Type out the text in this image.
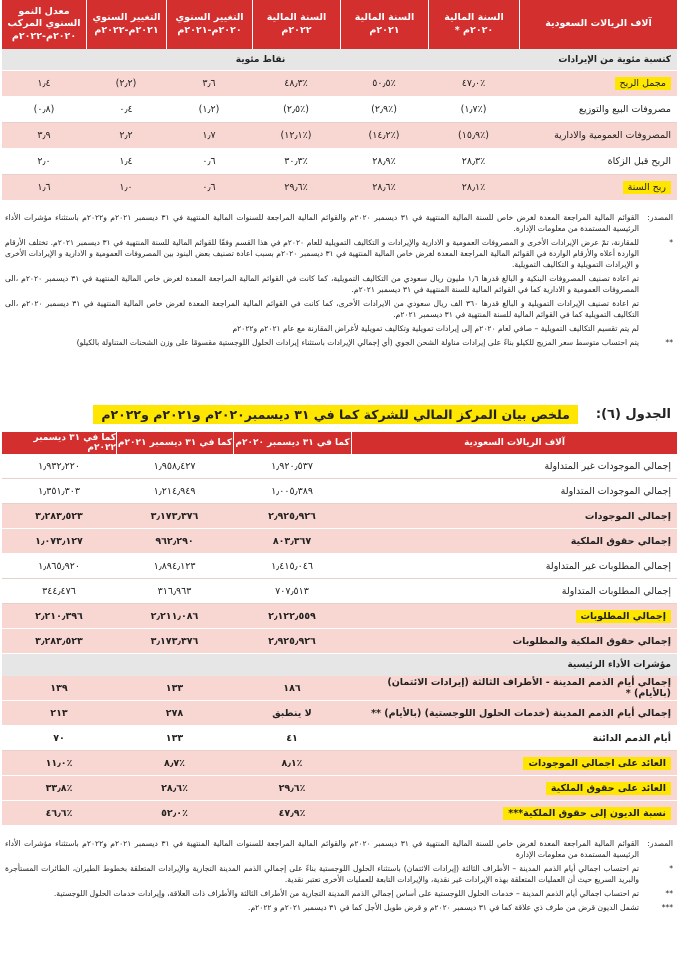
آلاف الريالات السعودية
السنة المالية ٢٠٢٠م *
السنة المالية ٢٠٢١م
السنة المالية ٢٠٢٢م
التغيير السنوي ٢٠٢٠م-٢٠٢١م
التغيير السنوي ٢٠٢١م-٢٠٢٢م
معدل النمو السنوي المركب ٢٠٢٠م-٢٠٢٢م
كنسبة مئوية من الإيرادات
نقاط مئوية
مجمل الربح
٪٤٧٫٠
٪٥٠٫٥
٪٤٨٫٣
٣٫٦
(٢٫٢)
١٫٤
مصروفات البيع والتوزيع
(٪١٫٧)
(٪٢٫٩)
(٪٢٫٥)
(١٫٢)
٠٫٤
(٠٫٨)
المصروفات العمومية والادارية
(٪١٥٫٩)
(٪١٤٫٢)
(٪١٢٫١)
١٫٧
٢٫٢
٣٫٩
الربح قبل الزكاة
٪٢٨٫٣
٪٢٨٫٩
٪٣٠٫٣
٠٫٦
١٫٤
٢٫٠
ربح السنة
٪٢٨٫١
٪٢٨٫٦
٪٢٩٫٦
٠٫٦
١٫٠
١٫٦
المصدر:
القوائم المالية المراجعة المعدة لغرض خاص للسنة المالية المنتهية في ٣١ ديسمبر ٢٠٢٠م والقوائم المالية المراجعة للسنوات المالية المنتهية في ٣١ ديسمبر ٢٠٢١م و٢٠٢٢م باستثناء مؤشرات الأداء الرئيسية المستمدة من معلومات الإدارة.
*
للمقارنة، تمّ عرض الإيرادات الأخرى و المصروفات العمومية و الادارية والإيرادات و التكاليف التمويلية للعام ٢٠٢٠م في هذا القسم وفقًا للقوائم المالية للسنة المنتهية في ٣١ ديسمبر ٢٠٢١م. تختلف الأرقام الواردة أعلاه والأرقام الواردة في القوائم المالية المراجعة المعدة لغرض خاص المالية المنتهية في ٣١ ديسمبر ٢٠٢٠م بسبب اعادة تصنيف بعض البنود بين المصروفات العمومية و الادارية و الإيرادات الأخرى و الإيرادات التمويلية و التكاليف التمويلية.
تم اعادة تصنيف المصروفات البنكية و البالغ قدرها ١٫٦ مليون ريال سعودي من التكاليف التمويلية، كما كانت في القوائم المالية المراجعة المعدة لغرض خاص المالية المنتهية في ٣١ ديسمبر ٢٠٢٠م ،الى المصروفات العمومية و الادارية كما في القوائم المالية للسنة المنتهية في ٣١ ديسمبر ٢٠٢١م.
تم اعادة تصنيف الإيرادات التمويلية و البالغ قدرها ٣٦٠ الف ريال سعودي من الايرادات الأخرى، كما كانت في القوائم المالية المراجعة المعدة لغرض خاص المالية المنتهية في ٣١ ديسمبر ٢٠٢٠م ،الى التكاليف التمويلية كما في القوائم المالية للسنة المنتهية في ٣١ ديسمبر ٢٠٢١م.
لم يتم تقسيم التكاليف التمويلية – صافي لعام ٢٠٢٠م إلى إيرادات تمويلية وتكاليف تمويلية لأغراض المقارنة مع عام ٢٠٢١م و٢٠٢٢م
**
يتم احتساب متوسط سعر المزيج للكيلو بناءً على إيرادات مناولة الشحن الجوي (أي إجمالي الإيرادات باستثناء إيرادات الحلول اللوجستية مقسومًا على وزن الشحنات المتناولة بالكيلو)
الجدول (٦):
ملخص بيان المركز المالي للشركة كما في ٣١ ديسمبر٢٠٢٠م و٢٠٢١م و٢٠٢٢م
آلاف الريالات السعودية
كما في ٣١ ديسمبر ٢٠٢٠م
كما في ٣١ ديسمبر ٢٠٢١م
كما في ٣١ ديسمبر ٢٠٢٢م
إجمالي الموجودات غير المتداولة
١٫٩٢٠٫٥٣٧
١٫٩٥٨٫٤٢٧
١٫٩٣٢٫٢٢٠
إجمالي الموجودات المتداولة
١٫٠٠٥٫٣٨٩
١٫٢١٤٫٩٤٩
١٫٣٥١٫٣٠٣
إجمالي الموجودات
٢٫٩٢٥٫٩٢٦
٣٫١٧٣٫٣٧٦
٣٫٢٨٣٫٥٢٣
إجمالي حقوق الملكية
٨٠٣٫٣٦٧
٩٦٢٫٢٩٠
١٫٠٧٣٫١٢٧
إجمالي المطلوبات غير المتداولة
١٫٤١٥٫٠٤٦
١٫٨٩٤٫١٢٣
١٫٨٦٥٫٩٢٠
إجمالي المطلوبات المتداولة
٧٠٧٫٥١٣
٣١٦٫٩٦٣
٣٤٤٫٤٧٦
إجمالي المطلوبات
٢٫١٢٢٫٥٥٩
٢٫٢١١٫٠٨٦
٢٫٢١٠٫٣٩٦
إجمالي حقوق الملكية والمطلوبات
٢٫٩٢٥٫٩٢٦
٣٫١٧٣٫٣٧٦
٣٫٢٨٣٫٥٢٣
مؤشرات الأداء الرئيسية
إجمالي أيام الذمم المدينة - الأطراف الثالثة (إيرادات الائتمان) (بالأيام) *
١٨٦
١٣٣
١٣٩
إجمالي أيام الذمم المدينة (خدمات الحلول اللوجستية) (بالأيام) **
لا ينطبق
٢٧٨
٢١٣
أيام الذمم الدائنة
٤١
١٣٣
٧٠
العائد على اجمالي الموجودات
٪٨٫١
٪٨٫٧
٪١١٫٠
العائد على حقوق الملكية
٪٢٩٫٦
٪٢٨٫٦
٪٣٣٫٨
نسبة الديون إلى حقوق الملكية***
٪٤٧٫٩
٪٥٢٫٠
٪٤٦٫٦
المصدر:
القوائم المالية المراجعة المعدة لغرض خاص للسنة المالية المنتهية في ٣١ ديسمبر ٢٠٢٠م والقوائم المالية المراجعة للسنوات المالية المنتهية في ٣١ ديسمبر ٢٠٢١م و٢٠٢٢م باستثناء مؤشرات الأداء الرئيسية المستمدة من معلومات الإدارة
*
تم احتساب اجمالي أيام الذمم المدينة – الأطراف الثالثة (إيرادات الائتمان) باستثناء الحلول اللوجستية بناءً على إجمالي الذمم المدينة التجارية والإيرادات المتعلقة بخطوط الطيران، الطائرات المستأجرة والبريد السريع حيث أن العمليات المتعلقة بهذه الإيرادات غير نقدية، والإيرادات التابعة للعمليات الأخرى تعتبر نقدية.
**
تم احتساب اجمالي أيام الذمم المدينة – خدمات الحلول اللوجستية على أساس إجمالي الذمم المدينة التجارية من الأطراف الثالثة والأطراف ذات العلاقة، وإيرادات خدمات الحلول اللوجستية.
***
تشمل الديون قرض من طرف ذي علاقة كما في ٣١ ديسمبر ٢٠٢٠م و قرض طويل الأجل كما في ٣١ ديسمبر ٢٠٢١م و ٢٠٢٢م.
